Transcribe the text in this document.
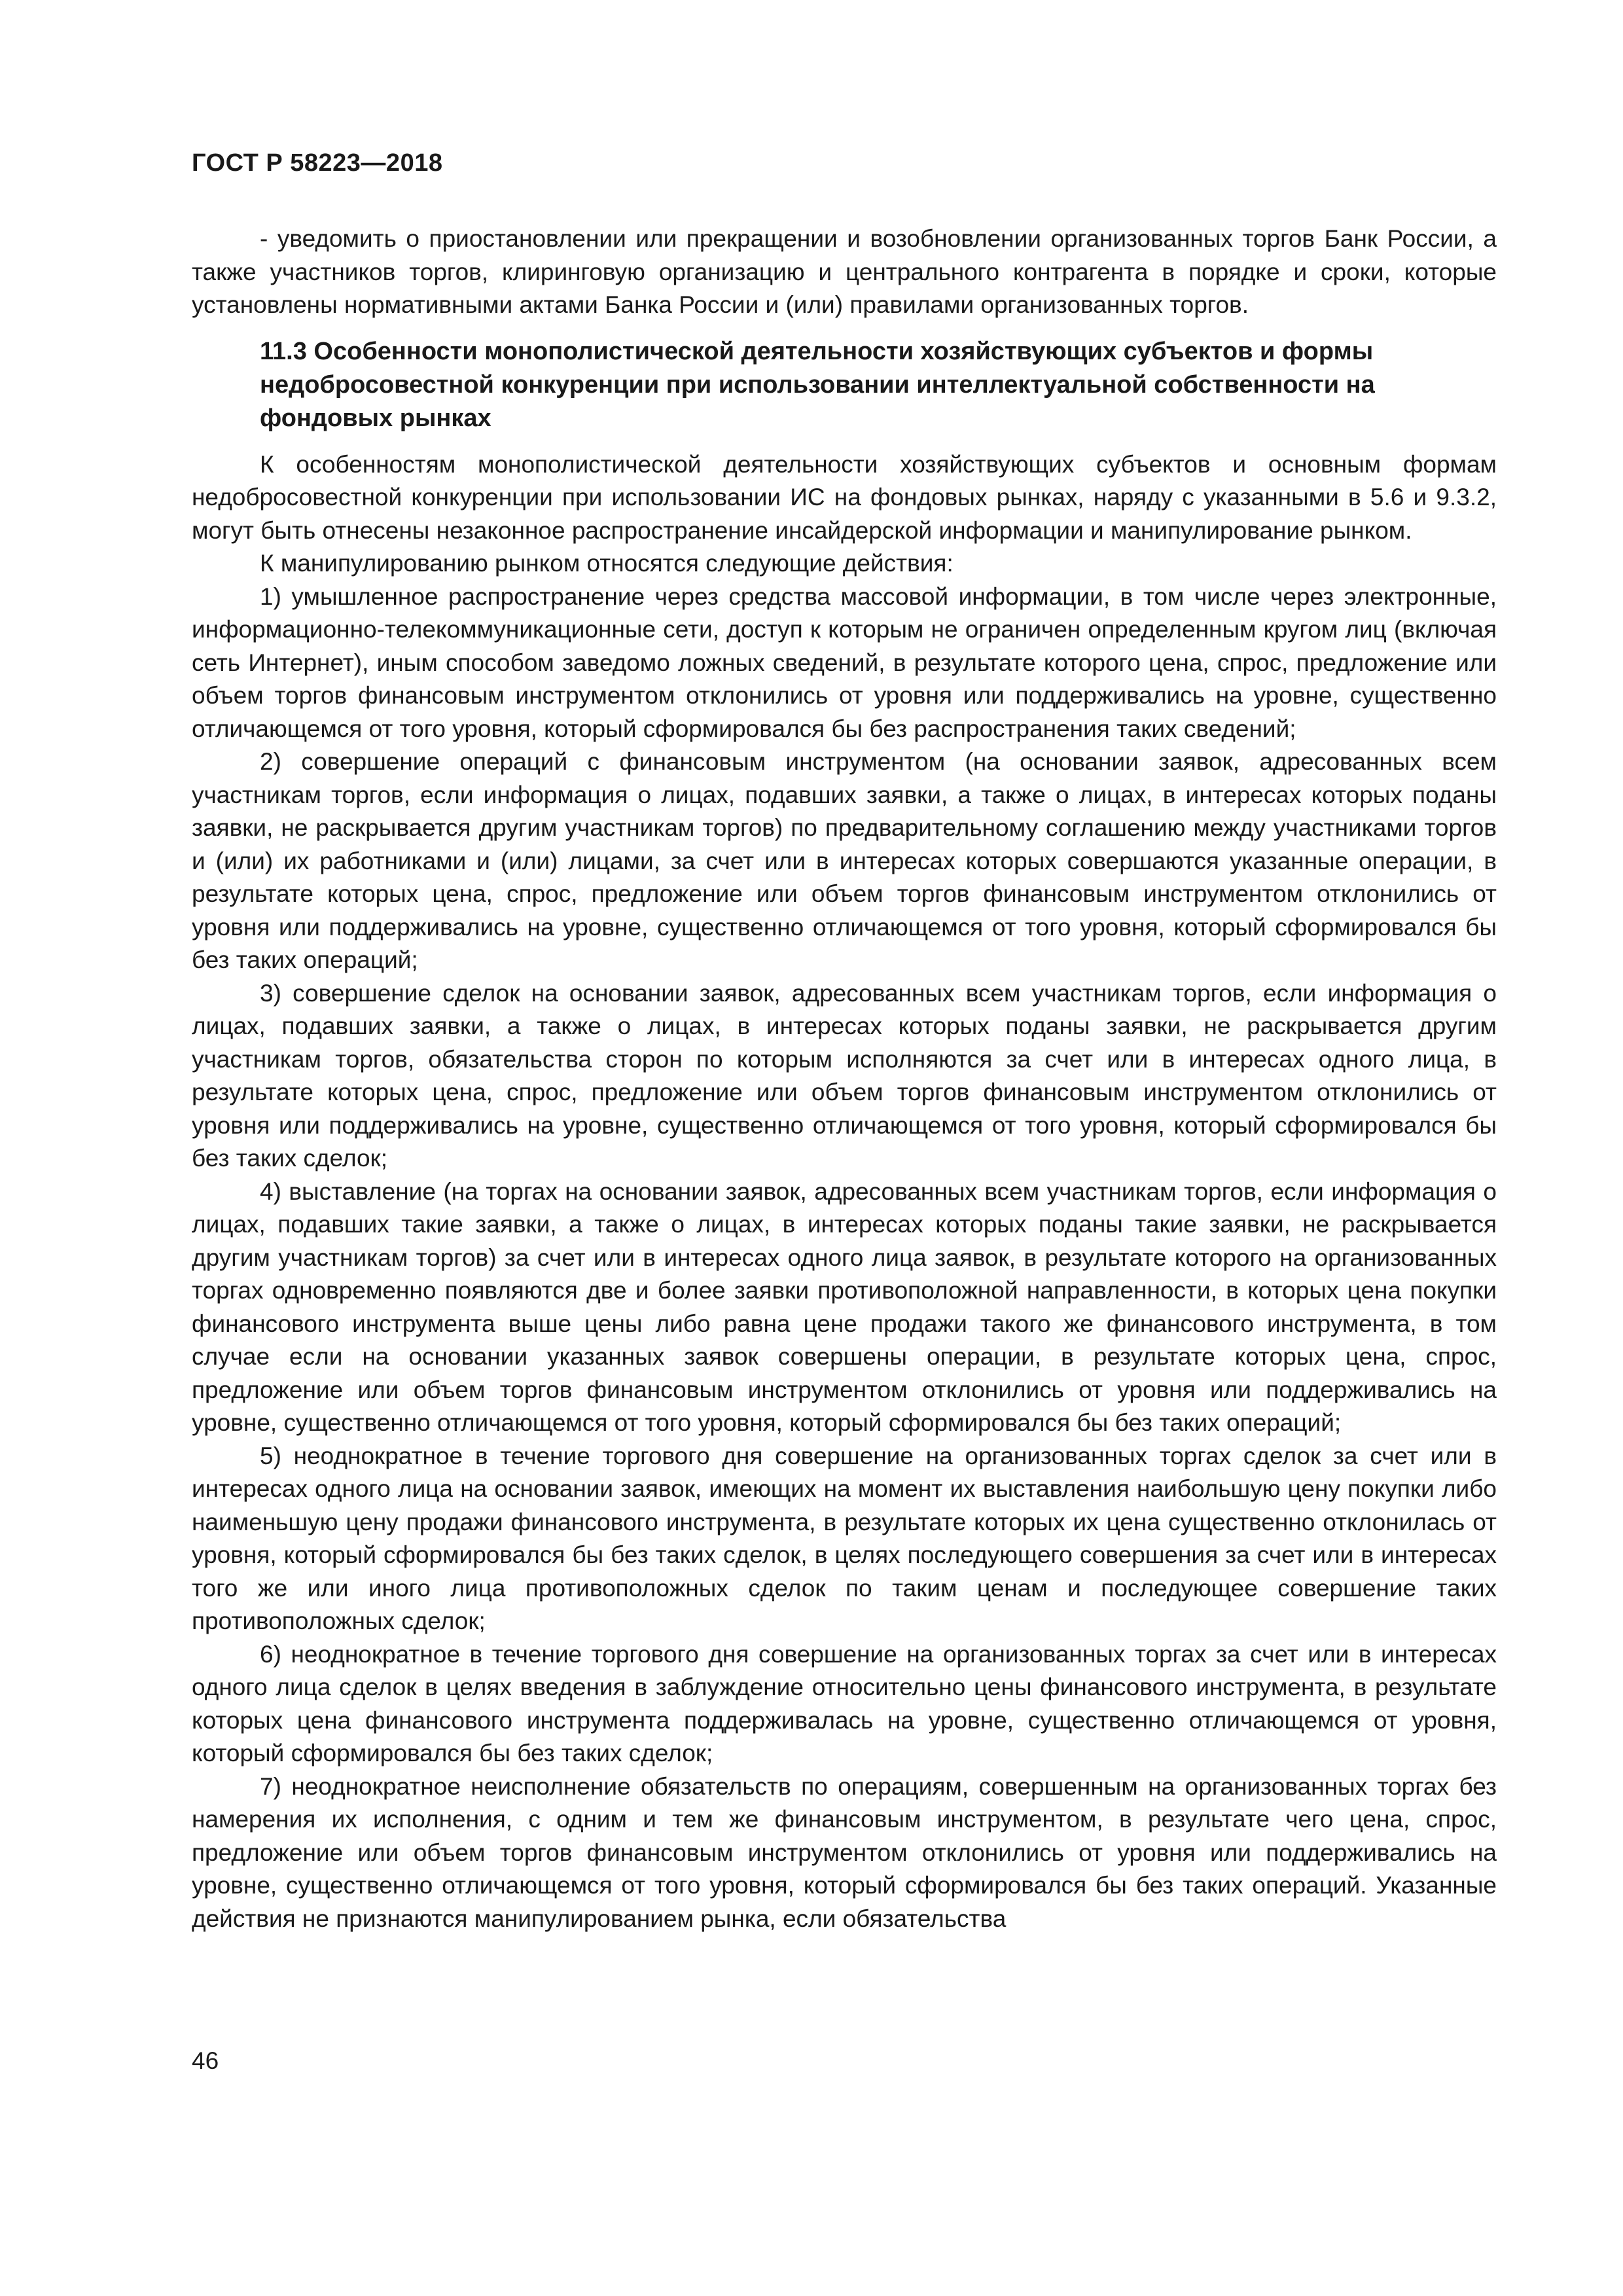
ГОСТ Р 58223—2018

- уведомить о приостановлении или прекращении и возобновлении организованных торгов Банк России, а также участников торгов, клиринговую организацию и центрального контрагента в порядке и сроки, которые установлены нормативными актами Банка России и (или) правилами организованных торгов.

11.3 Особенности монополистической деятельности хозяйствующих субъектов и формы недобросовестной конкуренции при использовании интеллектуальной собственности на фондовых рынках

К особенностям монополистической деятельности хозяйствующих субъектов и основным формам недобросовестной конкуренции при использовании ИС на фондовых рынках, наряду с указанными в 5.6 и 9.3.2, могут быть отнесены незаконное распространение инсайдерской информации и манипулирование рынком.

К манипулированию рынком относятся следующие действия:

1) умышленное распространение через средства массовой информации, в том числе через электронные, информационно-телекоммуникационные сети, доступ к которым не ограничен определенным кругом лиц (включая сеть Интернет), иным способом заведомо ложных сведений, в результате которого цена, спрос, предложение или объем торгов финансовым инструментом отклонились от уровня или поддерживались на уровне, существенно отличающемся от того уровня, который сформировался бы без распространения таких сведений;

2) совершение операций с финансовым инструментом (на основании заявок, адресованных всем участникам торгов, если информация о лицах, подавших заявки, а также о лицах, в интересах которых поданы заявки, не раскрывается другим участникам торгов) по предварительному соглашению между участниками торгов и (или) их работниками и (или) лицами, за счет или в интересах которых совершаются указанные операции, в результате которых цена, спрос, предложение или объем торгов финансовым инструментом отклонились от уровня или поддерживались на уровне, существенно отличающемся от того уровня, который сформировался бы без таких операций;

3) совершение сделок на основании заявок, адресованных всем участникам торгов, если информация о лицах, подавших заявки, а также о лицах, в интересах которых поданы заявки, не раскрывается другим участникам торгов, обязательства сторон по которым исполняются за счет или в интересах одного лица, в результате которых цена, спрос, предложение или объем торгов финансовым инструментом отклонились от уровня или поддерживались на уровне, существенно отличающемся от того уровня, который сформировался бы без таких сделок;

4) выставление (на торгах на основании заявок, адресованных всем участникам торгов, если информация о лицах, подавших такие заявки, а также о лицах, в интересах которых поданы такие заявки, не раскрывается другим участникам торгов) за счет или в интересах одного лица заявок, в результате которого на организованных торгах одновременно появляются две и более заявки противоположной направленности, в которых цена покупки финансового инструмента выше цены либо равна цене продажи такого же финансового инструмента, в том случае если на основании указанных заявок совершены операции, в результате которых цена, спрос, предложение или объем торгов финансовым инструментом отклонились от уровня или поддерживались на уровне, существенно отличающемся от того уровня, который сформировался бы без таких операций;

5) неоднократное в течение торгового дня совершение на организованных торгах сделок за счет или в интересах одного лица на основании заявок, имеющих на момент их выставления наибольшую цену покупки либо наименьшую цену продажи финансового инструмента, в результате которых их цена существенно отклонилась от уровня, который сформировался бы без таких сделок, в целях последующего совершения за счет или в интересах того же или иного лица противоположных сделок по таким ценам и последующее совершение таких противоположных сделок;

6) неоднократное в течение торгового дня совершение на организованных торгах за счет или в интересах одного лица сделок в целях введения в заблуждение относительно цены финансового инструмента, в результате которых цена финансового инструмента поддерживалась на уровне, существенно отличающемся от уровня, который сформировался бы без таких сделок;

7) неоднократное неисполнение обязательств по операциям, совершенным на организованных торгах без намерения их исполнения, с одним и тем же финансовым инструментом, в результате чего цена, спрос, предложение или объем торгов финансовым инструментом отклонились от уровня или поддерживались на уровне, существенно отличающемся от того уровня, который сформировался бы без таких операций. Указанные действия не признаются манипулированием рынка, если обязательства

46
